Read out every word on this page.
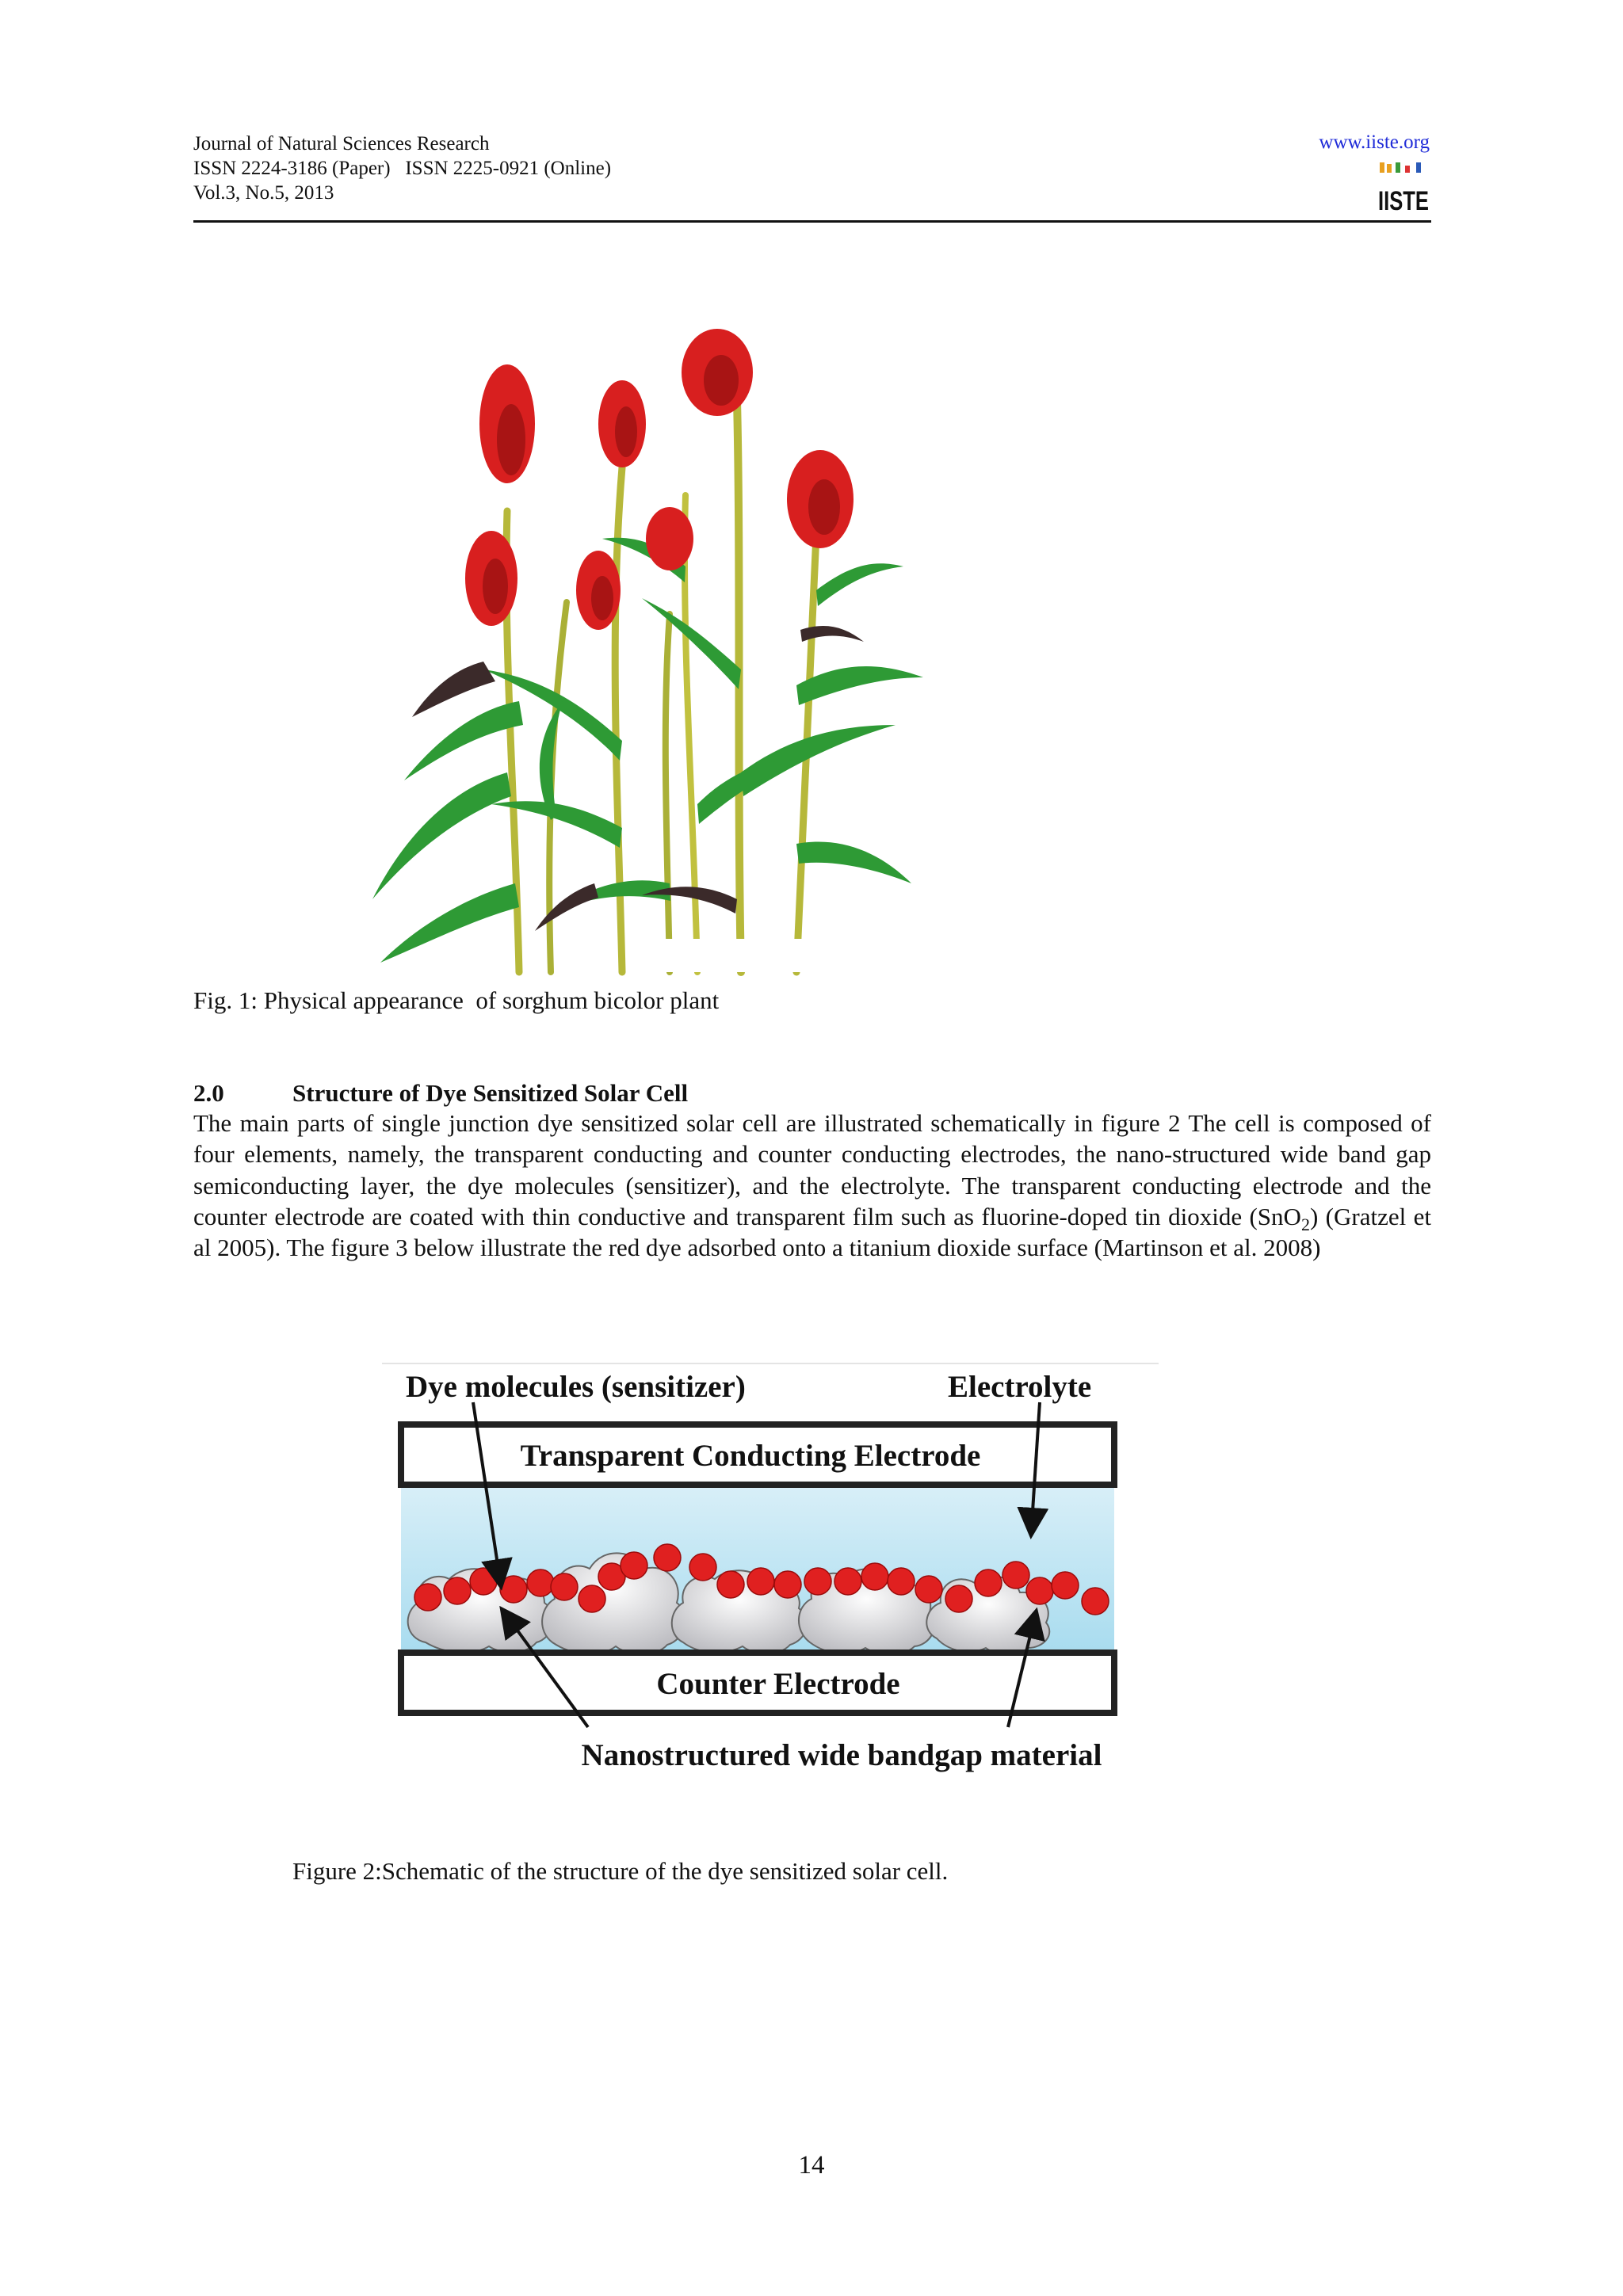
Journal of Natural Sciences Research
ISSN 2224-3186 (Paper)   ISSN 2225-0921 (Online)
Vol.3, No.5, 2013
www.iiste.org
IISTE
Fig. 1: Physical appearance  of sorghum bicolor plant
2.0	Structure of Dye Sensitized Solar Cell
The main parts of single junction dye sensitized solar cell are illustrated schematically in figure 2 The cell is composed of four elements, namely, the transparent conducting and counter conducting electrodes, the nano-structured wide band gap semiconducting layer, the dye molecules (sensitizer), and the electrolyte. The transparent conducting electrode and the counter electrode are coated with thin conductive and transparent film such as fluorine-doped tin dioxide (SnO$_2$) (Gratzel et al 2005). The figure 3 below illustrate the red dye adsorbed onto a titanium dioxide surface (Martinson et al. 2008)
Dye molecules (sensitizer)	Electrolyte
Transparent Conducting Electrode
Counter Electrode
Nanostructured wide bandgap material
Figure 2:Schematic of the structure of the dye sensitized solar cell.
14
